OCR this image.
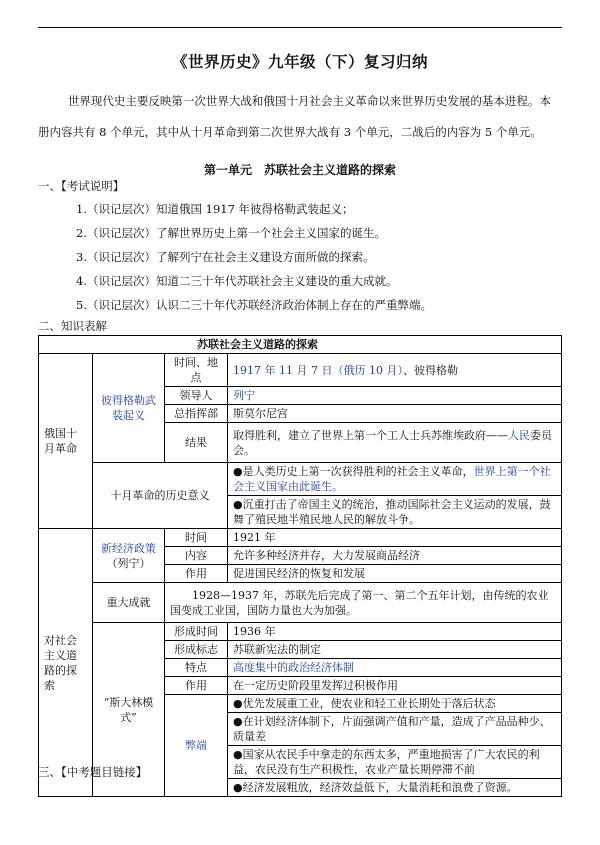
《世界历史》九年级（下）复习归纳
世界现代史主要反映第一次世界大战和俄国十月社会主义革命以来世界历史发展的基本进程。本册内容共有 8 个单元，其中从十月革命到第二次世界大战有 3 个单元，二战后的内容为 5 个单元。
第一单元　苏联社会主义道路的探索
一、【考试说明】
1.（识记层次）知道俄国 1917 年彼得格勒武装起义；
2.（识记层次）了解世界历史上第一个社会主义国家的诞生。
3.（识记层次）了解列宁在社会主义建设方面所做的探索。
4.（识记层次）知道二三十年代苏联社会主义建设的重大成就。
5.（识记层次）认识二三十年代苏联经济政治体制上存在的严重弊端。
二、知识表解
苏联社会主义道路的探索			
俄国十月革命	彼得格勒武装起义	时间、地点	1917 年 11 月 7 日（俄历 10 月）、彼得格勒
		领导人	列宁
		总指挥部	斯莫尔尼宫
		结果	取得胜利，建立了世界上第一个工人士兵苏维埃政府——人民委员会。
	十月革命的历史意义		●是人类历史上第一次获得胜利的社会主义革命，世界上第一个社会主义国家由此诞生。
			●沉重打击了帝国主义的统治，推动国际社会主义运动的发展，鼓舞了殖民地半殖民地人民的解放斗争。
对社会主义道路的探索	新经济政策
（列宁）	时间	1921 年
		内容	允许多种经济并存，大力发展商品经济
		作用	促进国民经济的恢复和发展
	重大成就	1928—1937 年，苏联先后完成了第一、第二个五年计划，由传统的农业国变成工业国，国防力量也大为加强。	
	“斯大林模式”	形成时间	1936 年
		形成标志	苏联新宪法的制定
		特点	高度集中的政治经济体制
		作用	在一定历史阶段里发挥过积极作用
		弊端	●优先发展重工业，使农业和轻工业长期处于落后状态
			●在计划经济体制下，片面强调产值和产量，造成了产品品种少、质量差
			●国家从农民手中拿走的东西太多，严重地损害了广大农民的利益，农民没有生产积极性，农业产量长期停滞不前
			●经济发展粗放，经济效益低下，大量消耗和浪费了资源。
三、【中考题目链接】
